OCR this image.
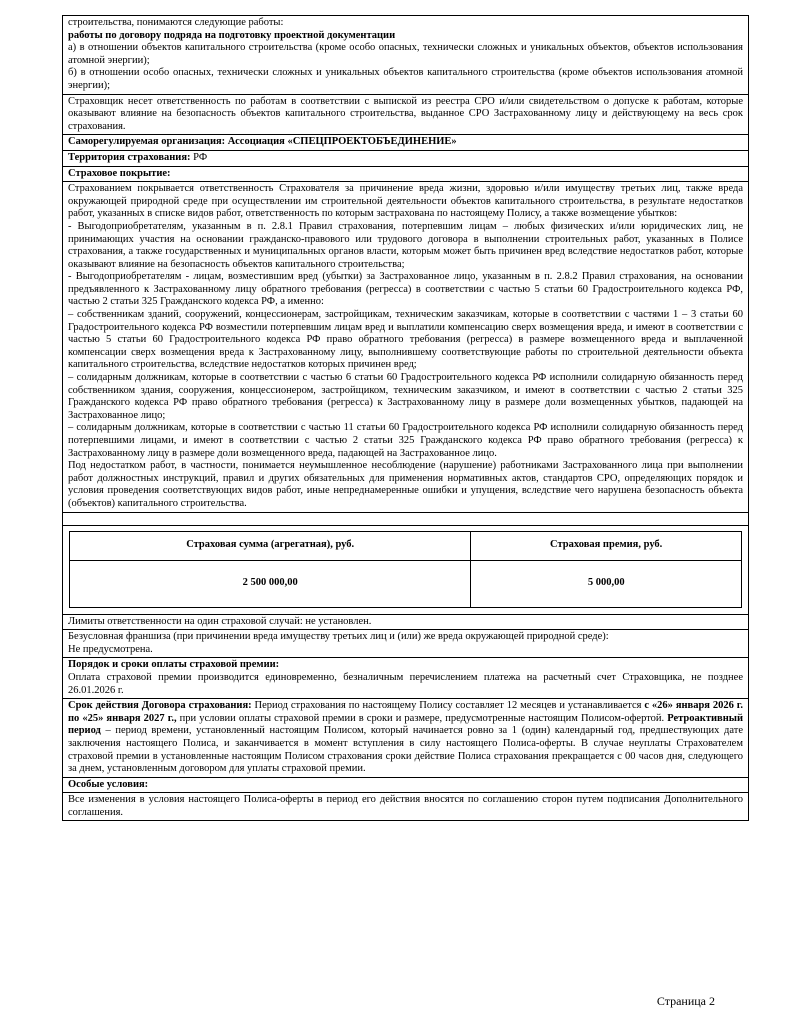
строительства, понимаются следующие работы:

работы по договору подряда на подготовку проектной документации

а) в отношении объектов капитального строительства (кроме особо опасных, технически сложных и уникальных объектов, объектов использования атомной энергии);

б) в отношении особо опасных, технически сложных и уникальных объектов капитального строительства (кроме объектов использования атомной энергии);

Страховщик несет ответственность по работам в соответствии с выпиской из реестра СРО и/или свидетельством о допуске к работам, которые оказывают влияние на безопасность объектов капитального строительства, выданное СРО Застрахованному лицу и действующему на весь срок страхования.

Саморегулируемая организация: Ассоциация «СПЕЦПРОЕКТОБЪЕДИНЕНИЕ»
Территория страхования: РФ
Страховое покрытие:

Страхованием покрывается ответственность Страхователя за причинение вреда жизни, здоровью и/или имуществу третьих лиц, также вреда окружающей природной среде при осуществлении им строительной деятельности объектов капитального строительства, в результате недостатков работ, указанных в списке видов работ, ответственность по которым застрахована по настоящему Полису, а также возмещение убытков:

- Выгодоприобретателям, указанным в п. 2.8.1 Правил страхования, потерпевшим лицам – любых физических и/или юридических лиц, не принимающих участия на основании гражданско-правового или трудового договора в выполнении строительных работ, указанных в Полисе страхования, а также государственных и муниципальных органов власти, которым может быть причинен вред вследствие недостатков работ, которые оказывают влияние на безопасность объектов капитального строительства;

- Выгодоприобретателям - лицам, возместившим вред (убытки) за Застрахованное лицо, указанным в п. 2.8.2 Правил страхования, на основании предъявленного к Застрахованному лицу обратного требования (регресса) в соответствии с частью 5 статьи 60 Градостроительного кодекса РФ, частью 2 статьи 325 Гражданского кодекса РФ, а именно:

– собственникам зданий, сооружений, концессионерам, застройщикам, техническим заказчикам, которые в соответствии с частями 1 – 3 статьи 60 Градостроительного кодекса РФ возместили потерпевшим лицам вред и выплатили компенсацию сверх возмещения вреда, и имеют в соответствии с частью 5 статьи 60 Градостроительного кодекса РФ право обратного требования (регресса) в размере возмещенного вреда и выплаченной компенсации сверх возмещения вреда к Застрахованному лицу, выполнившему соответствующие работы по строительной деятельности объекта капитального строительства, вследствие недостатков которых причинен вред;

– солидарным должникам, которые в соответствии с частью 6 статьи 60 Градостроительного кодекса РФ исполнили солидарную обязанность перед собственником здания, сооружения, концессионером, застройщиком, техническим заказчиком, и имеют в соответствии с частью 2 статьи 325 Гражданского кодекса РФ право обратного требования (регресса) к Застрахованному лицу в размере доли возмещенных убытков, падающей на Застрахованное лицо;

– солидарным должникам, которые в соответствии с частью 11 статьи 60 Градостроительного кодекса РФ исполнили солидарную обязанность перед потерпевшими лицами, и имеют в соответствии с частью 2 статьи 325 Гражданского кодекса РФ право обратного требования (регресса) к Застрахованному лицу в размере доли возмещенного вреда, падающей на Застрахованное лицо.

Под недостатком работ, в частности, понимается неумышленное несоблюдение (нарушение) работниками Застрахованного лица при выполнении работ должностных инструкций, правил и других обязательных для применения нормативных актов, стандартов СРО, определяющих порядок и условия проведения соответствующих видов работ, иные непреднамеренные ошибки и упущения, вследствие чего нарушена безопасность объекта (объектов) капитального строительства.

Страховая сумма (агрегатная), руб.	Страховая премия, руб.
2 500 000,00	5 000,00
Лимиты ответственности на один страховой случай: не установлен.

Безусловная франшиза (при причинении вреда имуществу третьих лиц и (или) же вреда окружающей природной среде):

Не предусмотрена.

Порядок и сроки оплаты страховой премии:

Оплата страховой премии производится единовременно, безналичным перечислением платежа на расчетный счет Страховщика, не позднее 26.01.2026 г.

Срок действия Договора страхования: Период страхования по настоящему Полису составляет 12 месяцев и устанавливается с «26» января 2026 г. по «25» января 2027 г., при условии оплаты страховой премии в сроки и размере, предусмотренные настоящим Полисом-офертой. Ретроактивный период – период времени, установленный настоящим Полисом, который начинается ровно за 1 (один) календарный год, предшествующих дате заключения настоящего Полиса, и заканчивается в момент вступления в силу настоящего Полиса-оферты. В случае неуплаты Страхователем страховой премии в установленные настоящим Полисом страхования сроки действие Полиса страхования прекращается с 00 часов дня, следующего за днем, установленным договором для уплаты страховой премии.

Особые условия:
Все изменения в условия настоящего Полиса-оферты в период его действия вносятся по соглашению сторон путем подписания Дополнительного соглашения.
Страница 2
